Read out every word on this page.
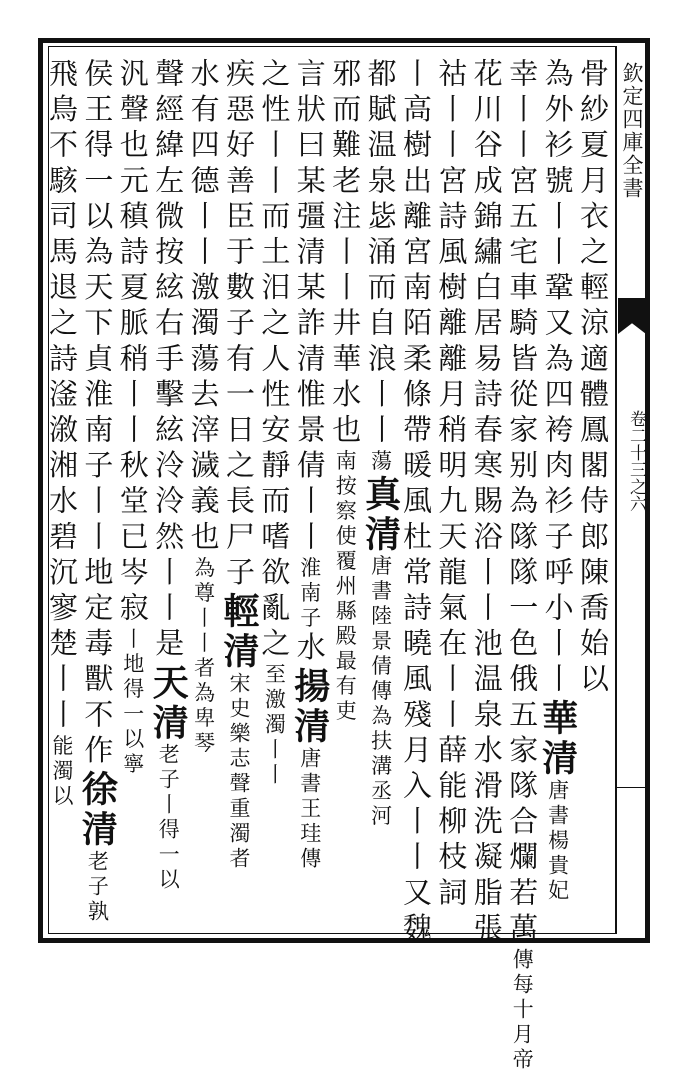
欽定四庫全書
卷二十三之六
骨紗夏月衣之輕涼適體鳳閣侍郎陳喬始以
為外衫號丨丨鞏又為四袴肉衫子呼小丨丨華清唐書楊貴妃
幸丨丨宮五宅車騎皆從家别為隊隊一色俄五家隊合爛若萬傳每十月帝
花川谷成錦繡白居易詩春寒賜浴丨丨池温泉水滑洗凝脂張
祜丨丨宮詩風樹離離月稍明九天龍氣在丨丨薛能柳枝詞
丨高樹出離宮南陌柔條帶暖風杜常詩曉風殘月入丨丨又魏
都賦温泉毖涌而自浪丨丨蕩真清唐書陸景倩傳為扶溝丞河
邪而難老注丨丨井華水也南按察使覆州縣殿最有吏
言狀曰某彊清某詐清惟景倩丨丨淮南子水揚清唐書王珪傳
之性丨丨而土汨之人性安靜而嗜欲亂之至激濁丨丨
疾惡好善臣于數子有一日之長尸子輕清宋史樂志聲重濁者
水有四德丨丨激濁蕩去滓濊義也為尊丨丨者為卑琴
聲經緯左微按絃右手擊絃泠泠然丨丨是天清老子丨得一以
汎聲也元稹詩夏脈稍丨丨秋堂已岑寂丨地得一以寧
侯王得一以為天下貞淮南子丨丨地定毒獸不作徐清老子孰
飛鳥不駭司馬退之詩滏漵湘水碧沉寥楚丨丨能濁以
